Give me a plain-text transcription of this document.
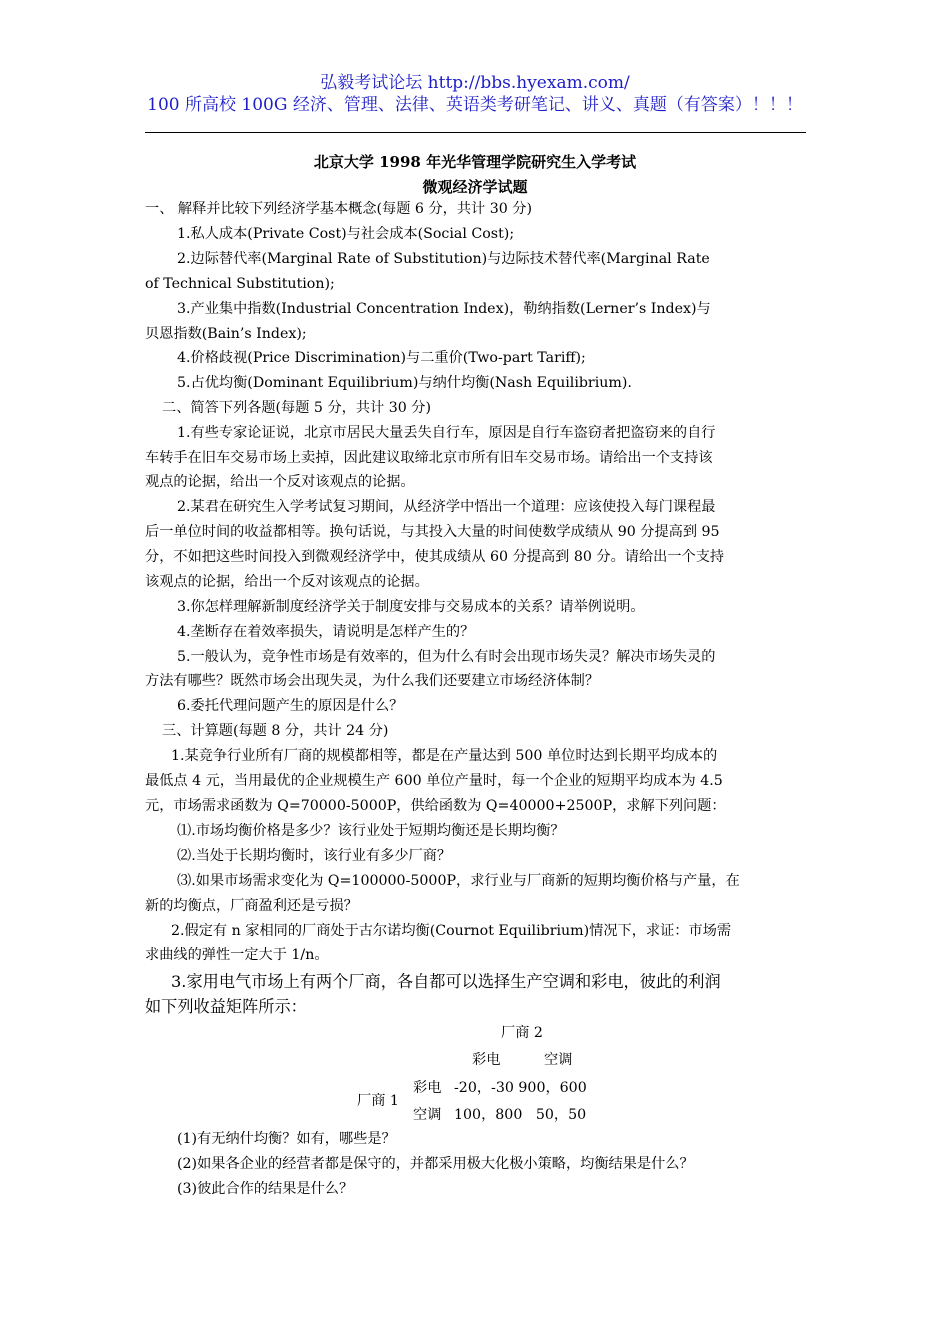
弘毅考试论坛 http://bbs.hyexam.com/
100 所高校 100G 经济、管理、法律、英语类考研笔记、讲义、真题（有答案）！！！
北京大学 1998 年光华管理学院研究生入学考试
微观经济学试题
一、 解释并比较下列经济学基本概念(每题 6 分，共计 30 分)
1.私人成本(Private Cost)与社会成本(Social Cost);
2.边际替代率(Marginal Rate of Substitution)与边际技术替代率(Marginal Rate
of Technical Substitution);
3.产业集中指数(Industrial Concentration Index)，勒纳指数(Lerner’s Index)与
贝恩指数(Bain’s Index);
4.价格歧视(Price Discrimination)与二重价(Two-part Tariff);
5.占优均衡(Dominant Equilibrium)与纳什均衡(Nash Equilibrium).
二、简答下列各题(每题 5 分，共计 30 分)
1.有些专家论证说，北京市居民大量丢失自行车，原因是自行车盗窃者把盗窃来的自行
车转手在旧车交易市场上卖掉，因此建议取缔北京市所有旧车交易市场。请给出一个支持该
观点的论据，给出一个反对该观点的论据。
2.某君在研究生入学考试复习期间，从经济学中悟出一个道理：应该使投入每门课程最
后一单位时间的收益都相等。换句话说，与其投入大量的时间使数学成绩从 90 分提高到 95
分，不如把这些时间投入到微观经济学中，使其成绩从 60 分提高到 80 分。请给出一个支持
该观点的论据，给出一个反对该观点的论据。
3.你怎样理解新制度经济学关于制度安排与交易成本的关系？请举例说明。
4.垄断存在着效率损失，请说明是怎样产生的？
5.一般认为，竞争性市场是有效率的，但为什么有时会出现市场失灵？解决市场失灵的
方法有哪些？既然市场会出现失灵，为什么我们还要建立市场经济体制？
6.委托代理问题产生的原因是什么？
三、计算题(每题 8 分，共计 24 分)
1.某竞争行业所有厂商的规模都相等，都是在产量达到 500 单位时达到长期平均成本的
最低点 4 元，当用最优的企业规模生产 600 单位产量时，每一个企业的短期平均成本为 4.5
元，市场需求函数为 Q=70000-5000P，供给函数为 Q=40000+2500P，求解下列问题：
⑴.市场均衡价格是多少？该行业处于短期均衡还是长期均衡？
⑵.当处于长期均衡时，该行业有多少厂商？
⑶.如果市场需求变化为 Q=100000-5000P，求行业与厂商新的短期均衡价格与产量，在
新的均衡点，厂商盈利还是亏损？
2.假定有 n 家相同的厂商处于古尔诺均衡(Cournot Equilibrium)情况下，求证：市场需
求曲线的弹性一定大于 1/n。
3.家用电气市场上有两个厂商，各自都可以选择生产空调和彩电，彼此的利润
如下列收益矩阵所示：
厂商 2
彩电	空调
厂商 1
彩电 -20，-30 900，600
空调 100，800   50，50
(1)有无纳什均衡？如有，哪些是？
(2)如果各企业的经营者都是保守的，并都采用极大化极小策略，均衡结果是什么？
(3)彼此合作的结果是什么？
